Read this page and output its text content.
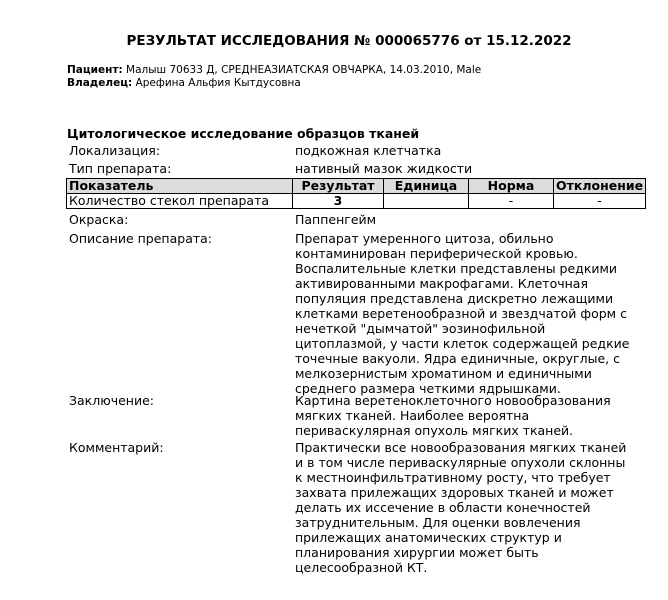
РЕЗУЛЬТАТ ИССЛЕДОВАНИЯ № 000065776 от 15.12.2022
Пациент: Малыш 70633 Д, СРЕДНЕАЗИАТСКАЯ ОВЧАРКА, 14.03.2010, Male
Владелец: Арефина Альфия Кытдусовна
Цитологическое исследование образцов тканей
Локализация:	подкожная клетчатка
Тип препарата:	нативный мазок жидкости
Показатель	Результат	Единица	Норма	Отклонение
Количество стекол препарата	3		-	-
Окраска:	Паппенгейм
Описание препарата:	Препарат умеренного цитоза, обильно контаминирован периферической кровью. Воспалительные клетки представлены редкими активированными макрофагами. Клеточная популяция представлена дискретно лежащими клетками веретенообразной и звездчатой форм с нечеткой "дымчатой" эозинофильной цитоплазмой, у части клеток содержащей редкие точечные вакуоли. Ядра единичные, округлые, с мелкозернистым хроматином и единичными среднего размера четкими ядрышками.
Заключение:	Картина веретеноклеточного новообразования мягких тканей. Наиболее вероятна периваскулярная опухоль мягких тканей.
Комментарий:	Практически все новообразования мягких тканей и в том числе периваскулярные опухоли склонны к местноинфильтративному росту, что требует захвата прилежащих здоровых тканей и может делать их иссечение в области конечностей затруднительным. Для оценки вовлечения прилежащих анатомических структур и планирования хирургии может быть целесообразной КТ.
